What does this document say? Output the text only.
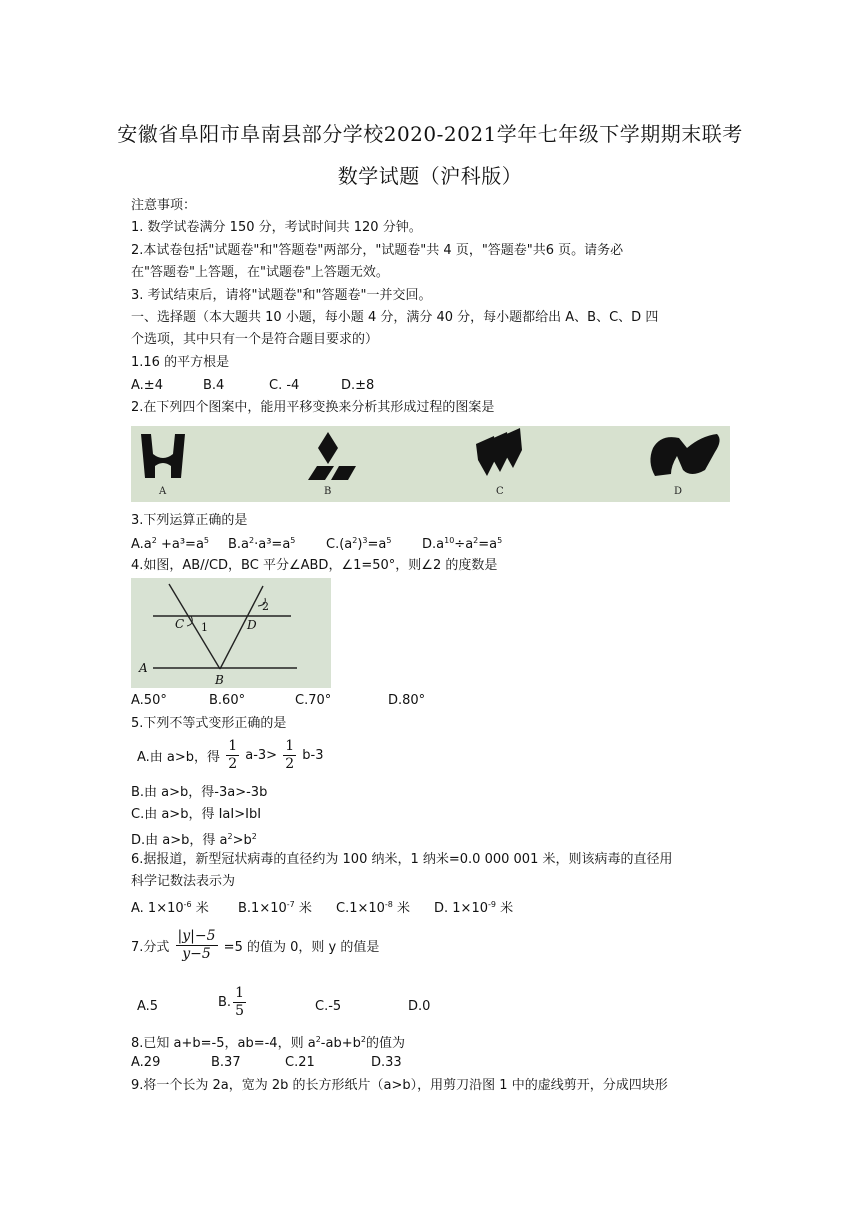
安徽省阜阳市阜南县部分学校2020-2021学年七年级下学期期末联考
数学试题（沪科版）
注意事项：
1. 数学试卷满分 150 分，考试时间共 120 分钟。
2.本试卷包括"试题卷"和"答题卷"两部分，"试题卷"共 4 页，"答题卷"共6 页。请务必
在"答题卷"上答题，在"试题卷"上答题无效。
3. 考试结束后，请将"试题卷"和"答题卷"一并交回。
一、选择题（本大题共 10 小题，每小题 4 分，满分 40 分，每小题都给出 A、B、C、D 四
个选项，其中只有一个是符合题目要求的）
1.16 的平方根是
A.±4	B.4	C. -4	D.±8
2.在下列四个图案中，能用平移变换来分析其形成过程的图案是
A	B	C	D
3.下列运算正确的是
$A.a^2 +a^3=a^5$ $B.a^2\cdot a^3=a^5$ $C.(a^2)^3=a^5$ $D.a^{10}\div a^2=a^5$
4.如图，AB//CD，BC 平分∠ABD，∠1=50°，则∠2 的度数是
C 1	D
2
A
B
A.50°	B.60°	C.70°	D.80°
5.下列不等式变形正确的是
A.由 a>b，得 $\frac{1}{2} a-3> \frac{1}{2} b-3$
B.由 a>b，得-3a>-3b
C.由 a>b，得 IaI>IbI
D.由 a>b，得 $a^2>b^2$
6.据报道，新型冠状病毒的直径约为 100 纳米，1 纳米=0.0 000 001 米，则该病毒的直径用
科学记数法表示为
A. $1\times 10^{-6}$ 米 $B.1\times 10^{-7}$ 米 $C.1\times 10^{-8}$ 米 D. $1\times 10^{-9}$ 米
7.分式 $\frac{|y|-5}{y-5} =5$ 的值为 0，则 y 的值是
A.5	B. $\frac{1}{5}$	C.-5	D.0
8.已知 a+b=-5，ab=-4，则 $a^2-ab+b^2$的值为
A.29	B.37	C.21	D.33
9.将一个长为 2a，宽为 2b 的长方形纸片（a>b），用剪刀沿图 1 中的虚线剪开，分成四块形
